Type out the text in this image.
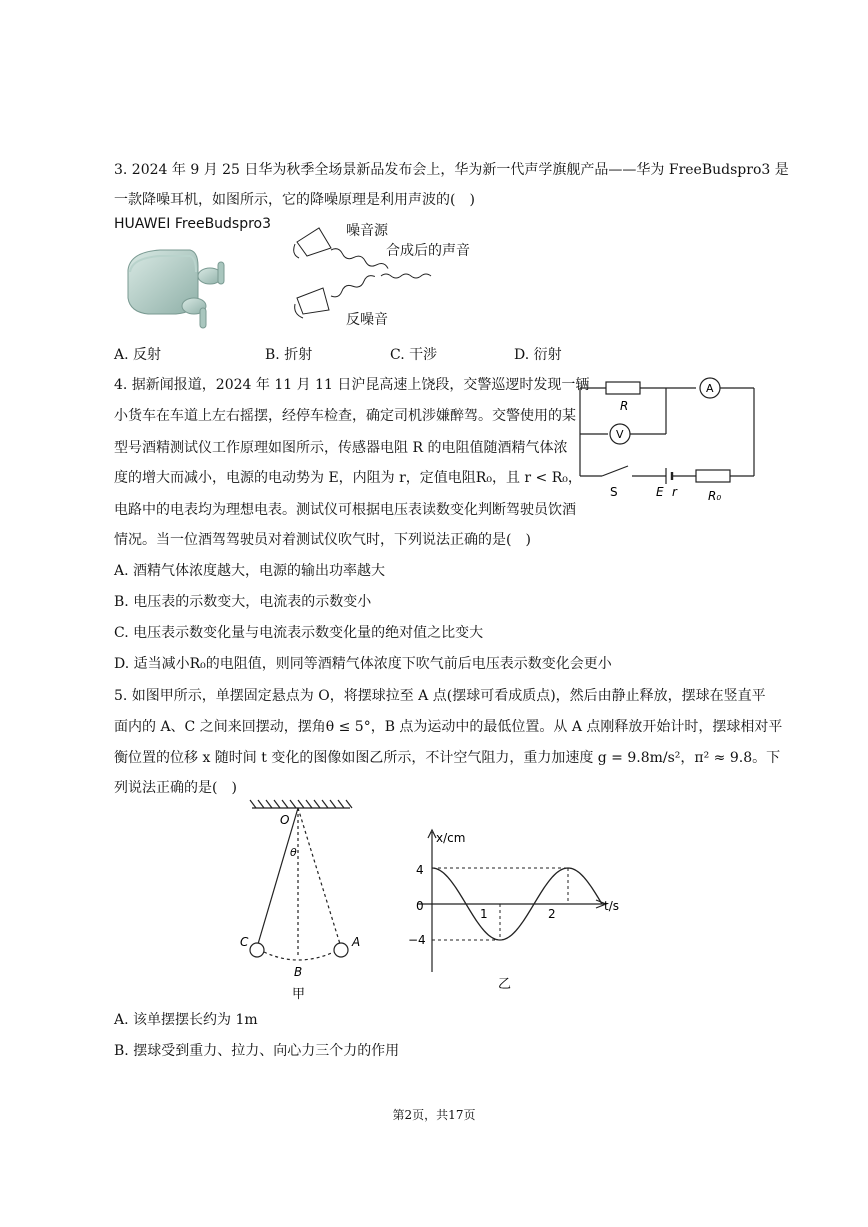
3. 2024 年 9 月 25 日华为秋季全场景新品发布会上，华为新一代声学旗舰产品——华为 FreeBudspro3 是
一款降噪耳机，如图所示，它的降噪原理是利用声波的(　)
HUAWEI FreeBudspro3	噪音源
合成后的声音
反噪音
A. 反射	B. 折射	C. 干涉	D. 衍射
4. 据新闻报道，2024 年 11 月 11 日沪昆高速上饶段，交警巡逻时发现一辆
小货车在车道上左右摇摆，经停车检查，确定司机涉嫌醉驾。交警使用的某
型号酒精测试仪工作原理如图所示，传感器电阻 R 的电阻值随酒精气体浓
度的增大而减小，电源的电动势为 E，内阻为 r，定值电阻R₀，且 r < R₀，
电路中的电表均为理想电表。测试仪可根据电压表读数变化判断驾驶员饮酒
情况。当一位酒驾驾驶员对着测试仪吹气时，下列说法正确的是(　)
R
A
V
S	E r	R₀
A. 酒精气体浓度越大，电源的输出功率越大
B. 电压表的示数变大，电流表的示数变小
C. 电压表示数变化量与电流表示数变化量的绝对值之比变大
D. 适当减小R₀的电阻值，则同等酒精气体浓度下吹气前后电压表示数变化会更小
5. 如图甲所示，单摆固定悬点为 O，将摆球拉至 A 点(摆球可看成质点)，然后由静止释放，摆球在竖直平
面内的 A、C 之间来回摆动，摆角θ ≤ 5°，B 点为运动中的最低位置。从 A 点刚释放开始计时，摆球相对平
衡位置的位移 x 随时间 t 变化的图像如图乙所示，不计空气阻力，重力加速度 g = 9.8m/s²，π² ≈ 9.8。下
列说法正确的是(　)
O
θ
C	A
B
甲
x/cm
t/s
4
0
−4
1	2
乙
A. 该单摆摆长约为 1m
B. 摆球受到重力、拉力、向心力三个力的作用
第2页，共17页
